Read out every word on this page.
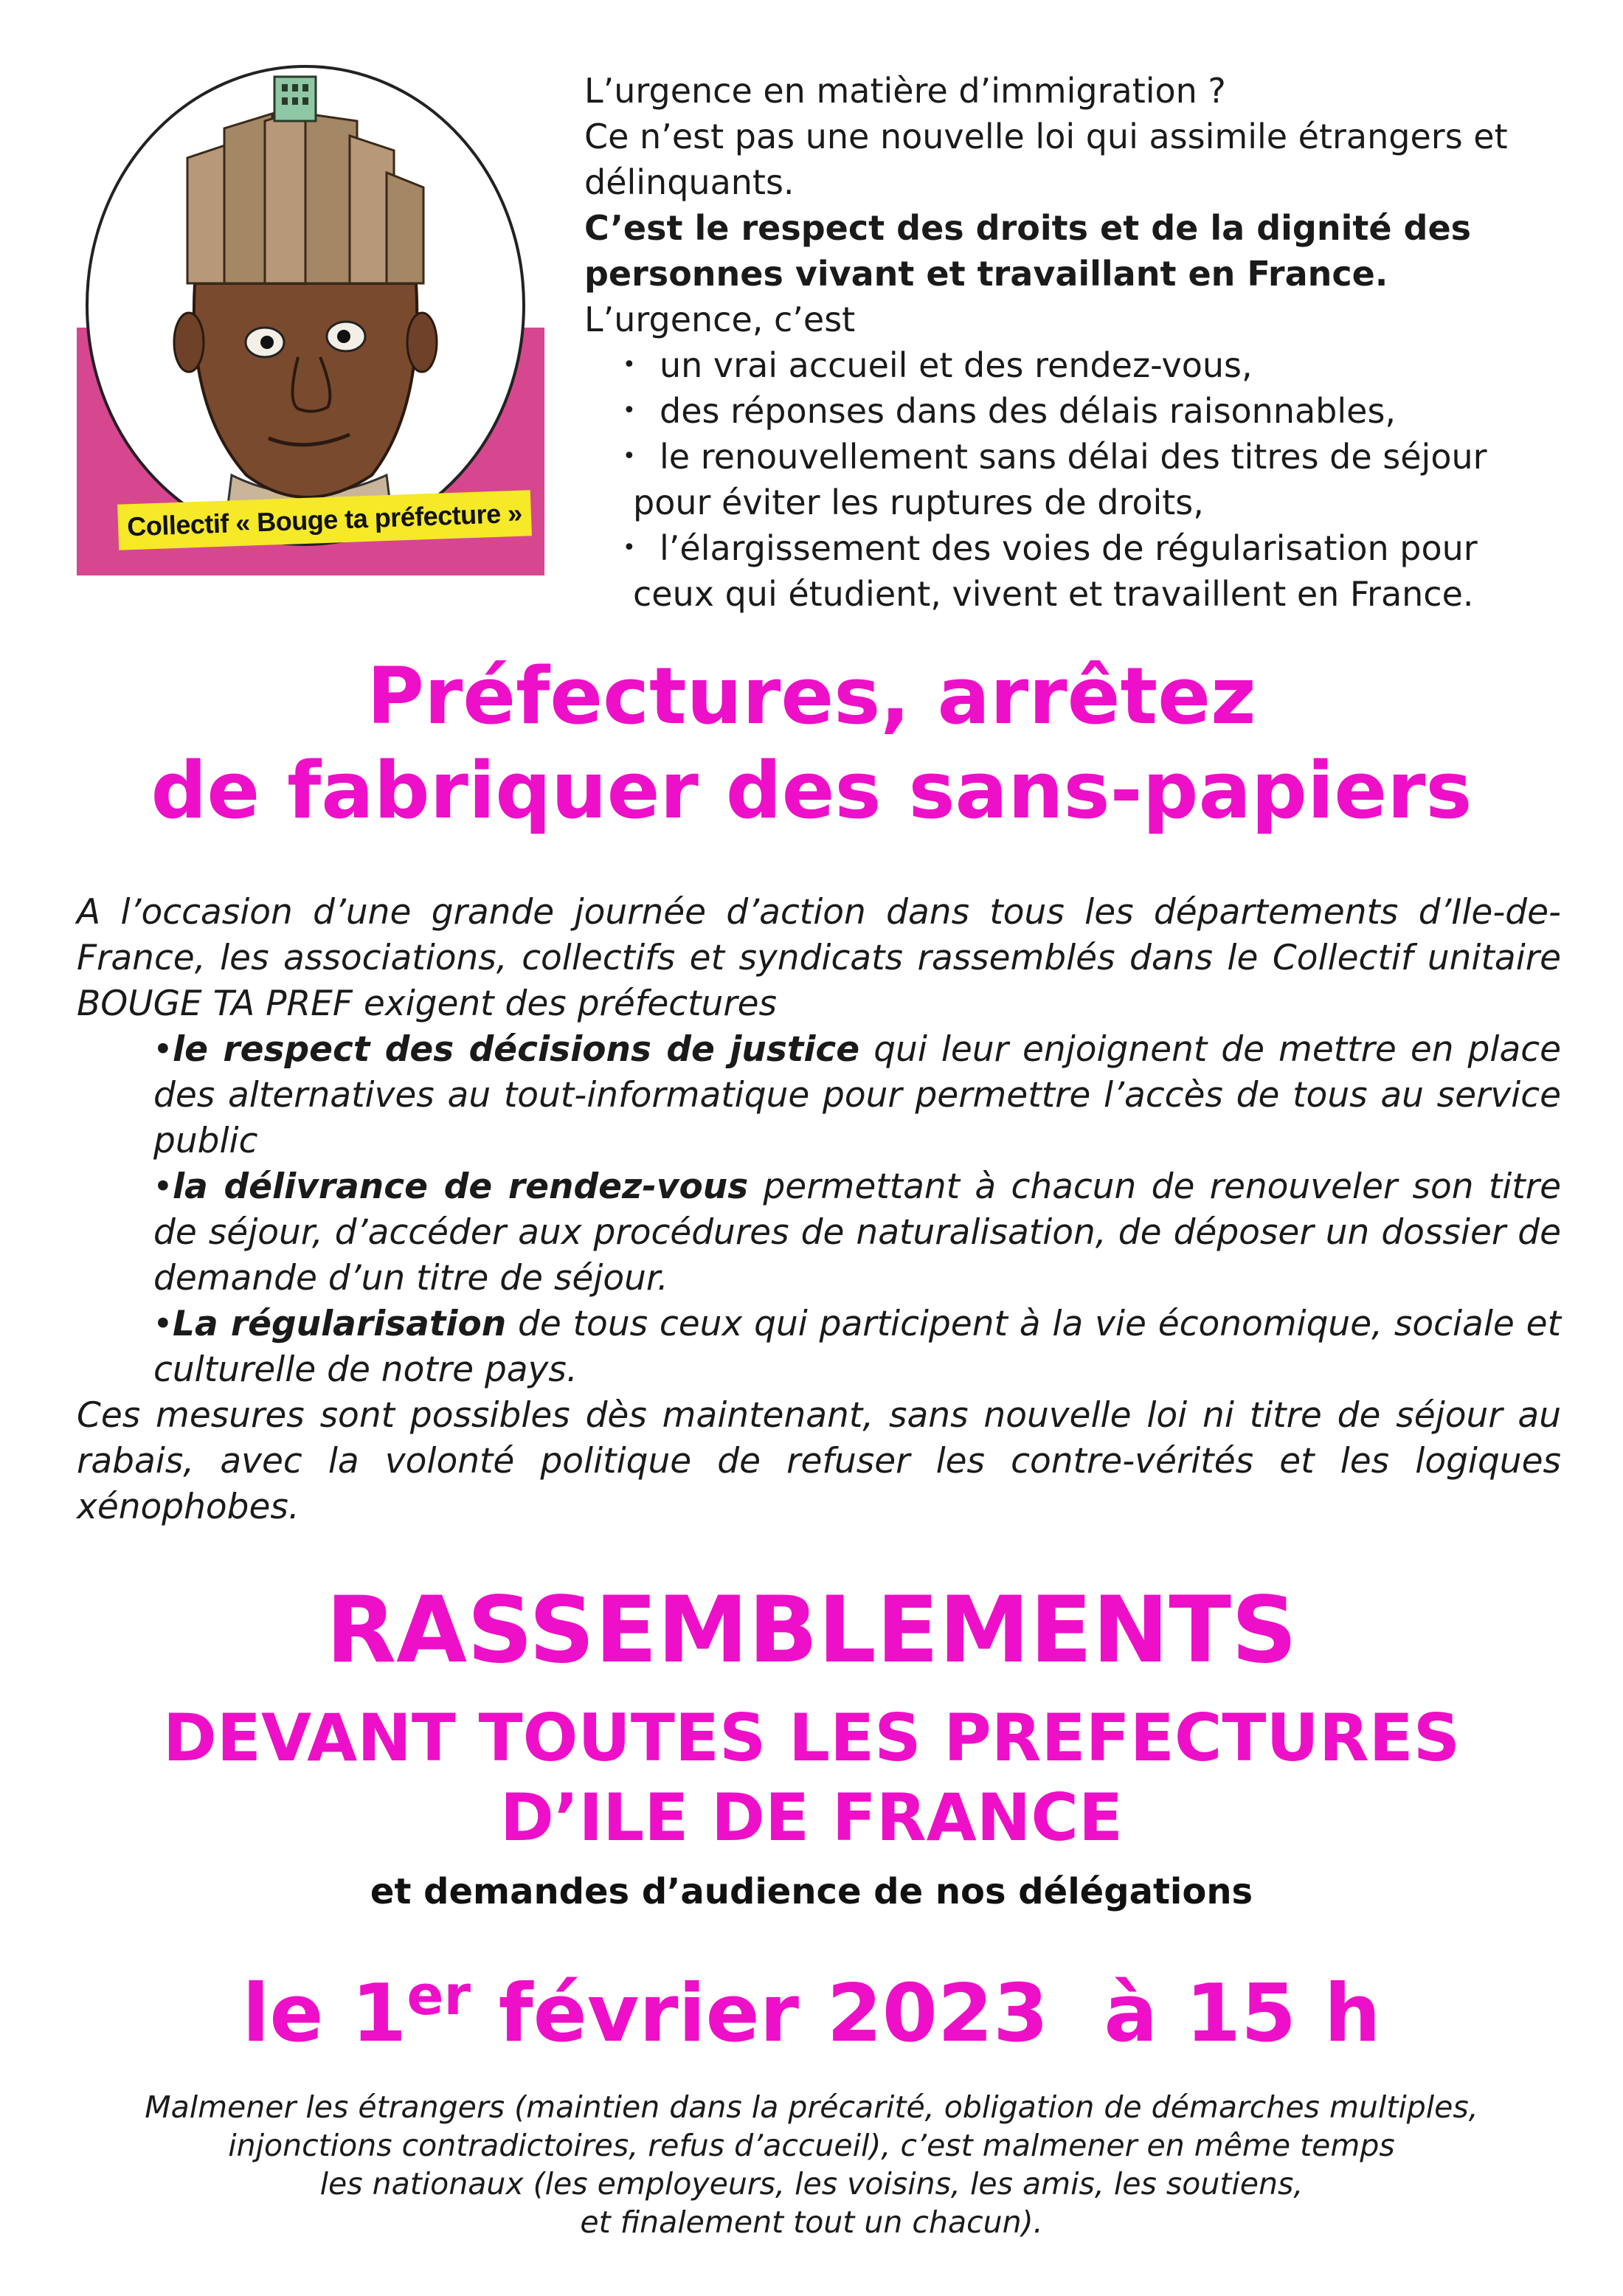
Collectif « Bouge ta préfecture »

L’urgence en matière d’immigration ?

Ce n’est pas une nouvelle loi qui assimile étrangers et délinquants.

C’est le respect des droits et de la dignité des personnes vivant et travaillant en France.

L’urgence, c’est

• un vrai accueil et des rendez-vous,
• des réponses dans des délais raisonnables,
• le renouvellement sans délai des titres de séjour
pour éviter les ruptures de droits,
• l’élargissement des voies de régularisation pour
ceux qui étudient, vivent et travaillent en France.
Préfectures, arrêtez
de fabriquer des sans-papiers

A l’occasion d’une grande journée d’action dans tous les départements d’Ile-de-France, les associations, collectifs et syndicats rassemblés dans le Collectif unitaire BOUGE TA PREF exigent des préfectures

• le respect des décisions de justice qui leur enjoignent de mettre en place des alternatives au tout-informatique pour permettre l’accès de tous au service public

• la délivrance de rendez-vous permettant à chacun de renouveler son titre de séjour, d’accéder aux procédures de naturalisation, de déposer un dossier de demande d’un titre de séjour.

• La régularisation de tous ceux qui participent à la vie économique, sociale et culturelle de notre pays.

Ces mesures sont possibles dès maintenant, sans nouvelle loi ni titre de séjour au rabais, avec la volonté politique de refuser les contre-vérités et les logiques xénophobes.

RASSEMBLEMENTS
DEVANT TOUTES LES PREFECTURES
D’ILE DE FRANCE
et demandes d’audience de nos délégations
le 1er février 2023  à 15 h

Malmener les étrangers (maintien dans la précarité, obligation de démarches multiples,

injonctions contradictoires, refus d’accueil), c’est malmener en même temps

les nationaux (les employeurs, les voisins, les amis, les soutiens,

et finalement tout un chacun).
